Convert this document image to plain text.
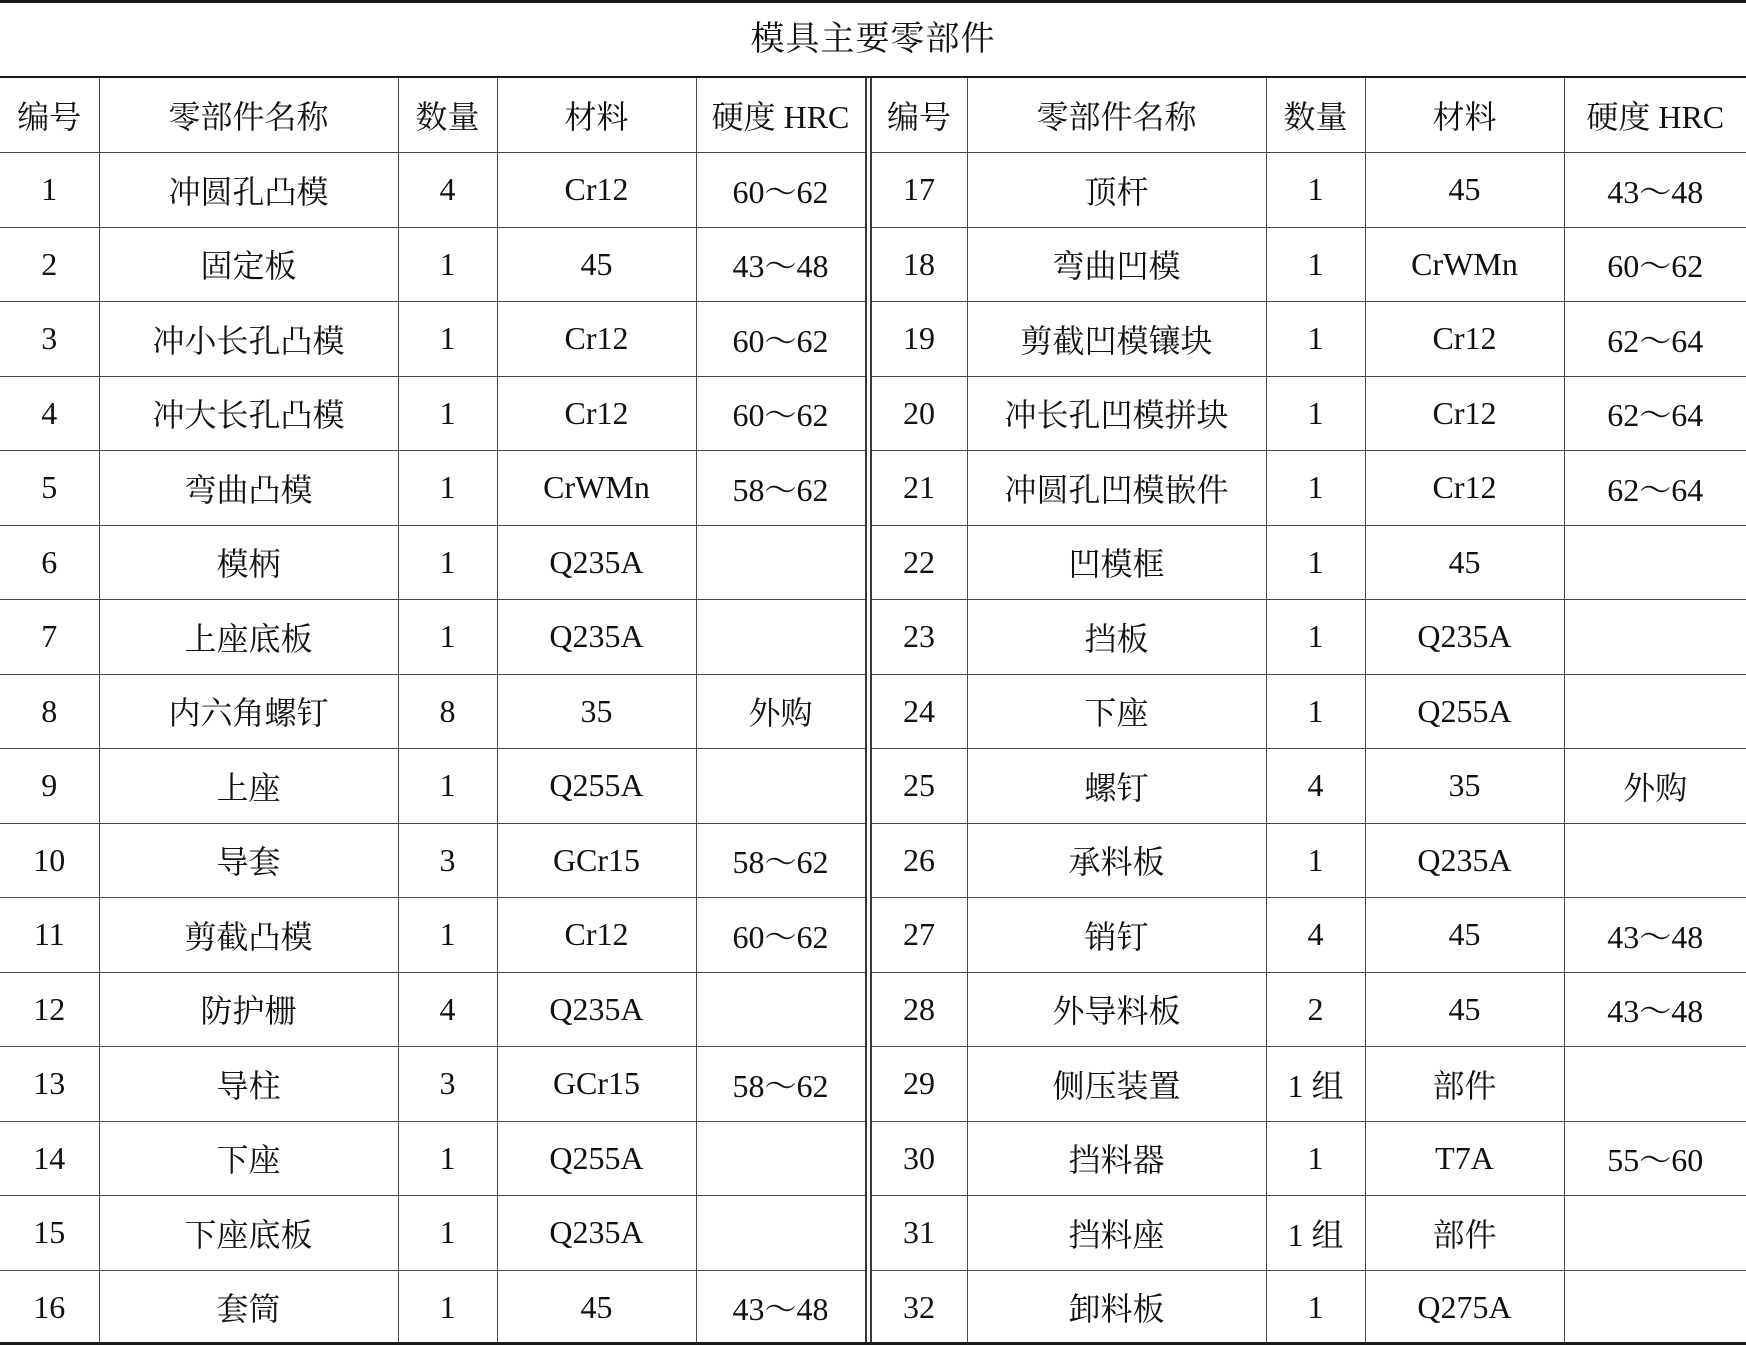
模具主要零部件
编号	零部件名称	数量	材料	硬度 HRC	编号	零部件名称	数量	材料	硬度 HRC
1	冲圆孔凸模	4	Cr12	60～62	17	顶杆	1	45	43～48
2	固定板	1	45	43～48	18	弯曲凹模	1	CrWMn	60～62
3	冲小长孔凸模	1	Cr12	60～62	19	剪截凹模镶块	1	Cr12	62～64
4	冲大长孔凸模	1	Cr12	60～62	20	冲长孔凹模拼块	1	Cr12	62～64
5	弯曲凸模	1	CrWMn	58～62	21	冲圆孔凹模嵌件	1	Cr12	62～64
6	模柄	1	Q235A		22	凹模框	1	45	
7	上座底板	1	Q235A		23	挡板	1	Q235A	
8	内六角螺钉	8	35	外购	24	下座	1	Q255A	
9	上座	1	Q255A		25	螺钉	4	35	外购
10	导套	3	GCr15	58～62	26	承料板	1	Q235A	
11	剪截凸模	1	Cr12	60～62	27	销钉	4	45	43～48
12	防护栅	4	Q235A		28	外导料板	2	45	43～48
13	导柱	3	GCr15	58～62	29	侧压装置	1 组	部件	
14	下座	1	Q255A		30	挡料器	1	T7A	55～60
15	下座底板	1	Q235A		31	挡料座	1 组	部件	
16	套筒	1	45	43～48	32	卸料板	1	Q275A	
